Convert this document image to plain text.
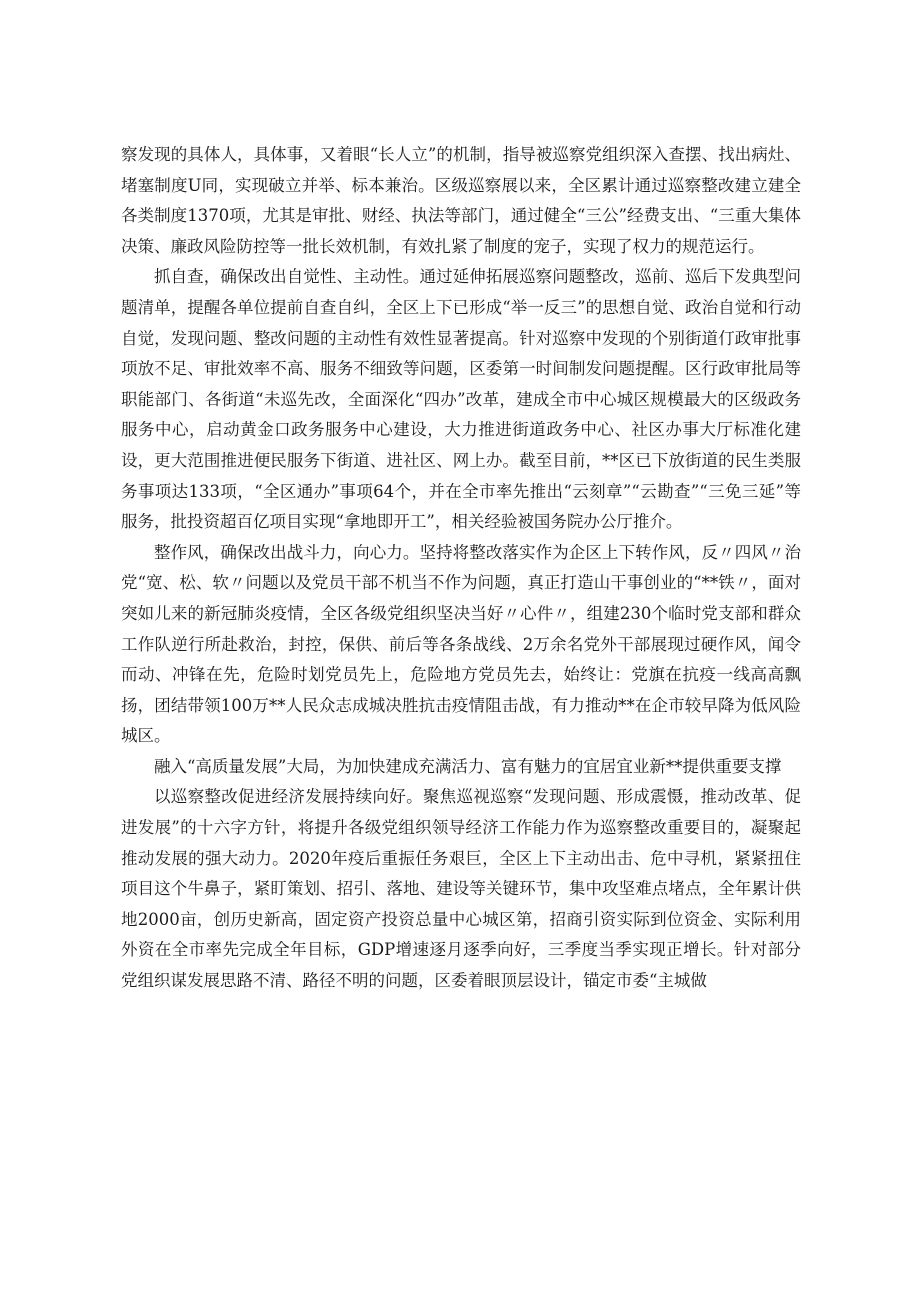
察发现的具体人，具体事，又着眼“长人立”的机制，指导被巡察党组织深入查摆、找出病灶、堵塞制度U同，实现破立并举、标本兼治。区级巡察展以来，全区累计通过巡察整改建立建全各类制度1370项，尤其是审批、财经、执法等部门，通过健全“三公”经费支出、“三重大集体决策、廉政风险防控等一批长效机制，有效扎紧了制度的宠子，实现了权力的规范运行。

抓自查，确保改出自觉性、主动性。通过延伸拓展巡察问题整改，巡前、巡后下发典型问题清单，提醒各单位提前自查自纠，全区上下已形成“举一反三”的思想自觉、政治自觉和行动自觉，发现问题、整改问题的主动性有效性显著提高。针对巡察中发现的个别街道仃政审批事项放不足、审批效率不高、服务不细致等问题，区委第一时间制发问题提醒。区行政审批局等职能部门、各街道“未巡先改，全面深化“四办”改革，建成全市中心城区规模最大的区级政务服务中心，启动黄金口政务服务中心建设，大力推进街道政务中心、社区办事大厅标准化建设，更大范围推进便民服务下街道、进社区、网上办。截至目前，**区已下放街道的民生类服务事项达133项，“全区通办”事项64个，并在全市率先推出“云刻章”“云勘查”“三免三延”等服务，批投资超百亿项目实现“拿地即开工”，相关经验被国务院办公厅推介。

整作风，确保改出战斗力，向心力。坚持将整改落实作为企区上下转作风，反〃四风〃治党“宽、松、软〃问题以及党员干部不机当不作为问题，真正打造山干事创业的“**铁〃，面对突如儿来的新冠肺炎疫情，全区各级党组织坚决当好〃心件〃，组建230个临时党支部和群众工作队逆行所赴救治，封控，保供、前后等各条战线、2万余名党外干部展现过硬作风，闻令而动、冲锋在先，危险时划党员先上，危险地方党员先去，始终让：党旗在抗疫一线高高飘扬，团结带领100万**人民众志成城决胜抗击疫情阻击战，有力推动**在企市较早降为低风险城区。

融入“高质量发展”大局，为加快建成充满活力、富有魅力的宜居宜业新**提供重要支撑

以巡察整改促进经济发展持续向好。聚焦巡视巡察“发现问题、形成震慑，推动改革、促进发展”的十六字方针，将提升各级党组织领导经济工作能力作为巡察整改重要目的，凝聚起推动发展的强大动力。2020年疫后重振任务艰巨，全区上下主动出击、危中寻机，紧紧扭住项目这个牛鼻子，紧盯策划、招引、落地、建设等关键环节，集中攻坚难点堵点，全年累计供地2000亩，创历史新高，固定资产投资总量中心城区第，招商引资实际到位资金、实际利用外资在全市率先完成全年目标，GDP增速逐月逐季向好，三季度当季实现正增长。针对部分党组织谋发展思路不清、路径不明的问题，区委着眼顶层设计，锚定市委“主城做
